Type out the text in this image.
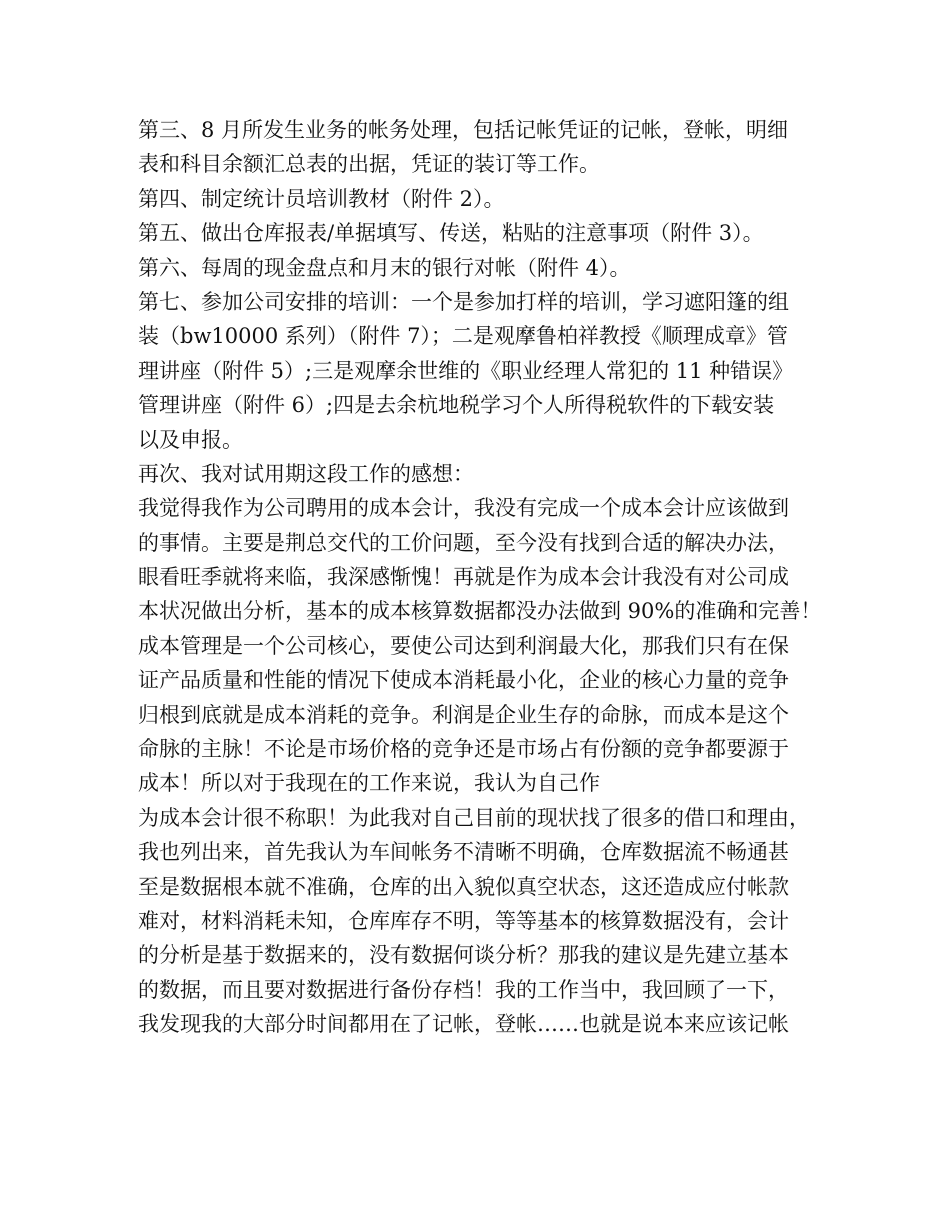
第三、8 月所发生业务的帐务处理，包括记帐凭证的记帐，登帐，明细
表和科目余额汇总表的出据，凭证的装订等工作。
第四、制定统计员培训教材（附件 2）。
第五、做出仓库报表/单据填写、传送，粘贴的注意事项（附件 3）。
第六、每周的现金盘点和月末的银行对帐（附件 4）。
第七、参加公司安排的培训：一个是参加打样的培训，学习遮阳篷的组
装（bw10000 系列）（附件 7）；二是观摩鲁柏祥教授《顺理成章》管
理讲座（附件 5）;三是观摩余世维的《职业经理人常犯的 11 种错误》
管理讲座（附件 6）;四是去余杭地税学习个人所得税软件的下载安装
以及申报。
再次、我对试用期这段工作的感想：
我觉得我作为公司聘用的成本会计，我没有完成一个成本会计应该做到
的事情。主要是荆总交代的工价问题，至今没有找到合适的解决办法，
眼看旺季就将来临，我深感惭愧！再就是作为成本会计我没有对公司成
本状况做出分析，基本的成本核算数据都没办法做到 90%的准确和完善！
成本管理是一个公司核心，要使公司达到利润最大化，那我们只有在保
证产品质量和性能的情况下使成本消耗最小化，企业的核心力量的竞争
归根到底就是成本消耗的竞争。利润是企业生存的命脉，而成本是这个
命脉的主脉！不论是市场价格的竞争还是市场占有份额的竞争都要源于
成本！所以对于我现在的工作来说，我认为自己作
为成本会计很不称职！为此我对自己目前的现状找了很多的借口和理由，
我也列出来，首先我认为车间帐务不清晰不明确，仓库数据流不畅通甚
至是数据根本就不准确，仓库的出入貌似真空状态，这还造成应付帐款
难对，材料消耗未知，仓库库存不明，等等基本的核算数据没有，会计
的分析是基于数据来的，没有数据何谈分析？那我的建议是先建立基本
的数据，而且要对数据进行备份存档！我的工作当中，我回顾了一下，
我发现我的大部分时间都用在了记帐，登帐……也就是说本来应该记帐
